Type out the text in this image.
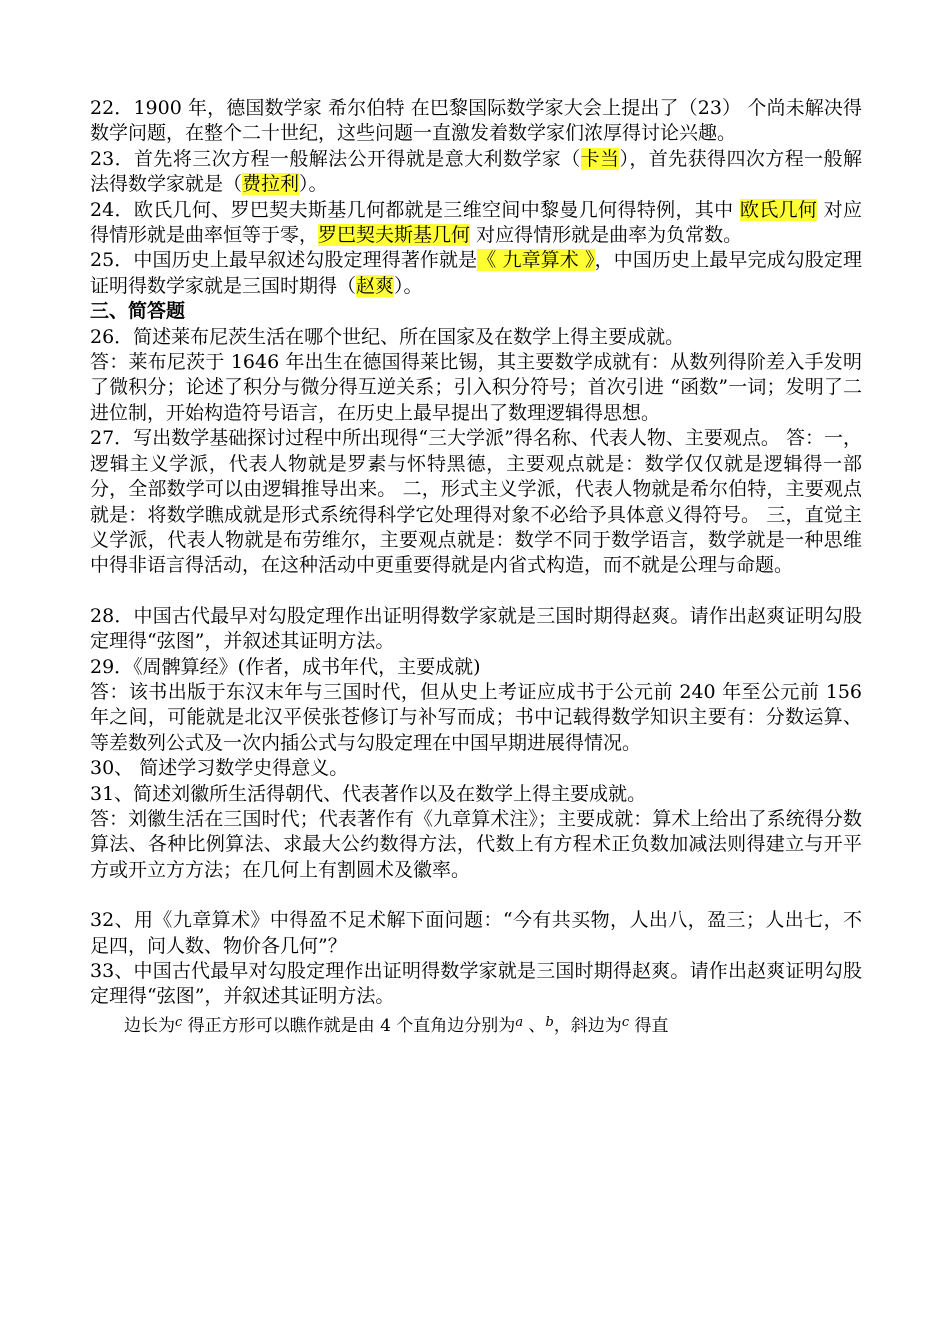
22．1900 年，德国数学家 希尔伯特 在巴黎国际数学家大会上提出了（23） 个尚未解决得数学问题，在整个二十世纪，这些问题一直激发着数学家们浓厚得讨论兴趣。

23．首先将三次方程一般解法公开得就是意大利数学家（卡当），首先获得四次方程一般解法得数学家就是（费拉利）。

24．欧氏几何、罗巴契夫斯基几何都就是三维空间中黎曼几何得特例，其中 欧氏几何 对应得情形就是曲率恒等于零，罗巴契夫斯基几何 对应得情形就是曲率为负常数。

25．中国历史上最早叙述勾股定理得著作就是《 九章算术 》，中国历史上最早完成勾股定理证明得数学家就是三国时期得（赵爽）。

三、简答题

26．简述莱布尼茨生活在哪个世纪、所在国家及在数学上得主要成就。

答：莱布尼茨于 1646 年出生在德国得莱比锡，其主要数学成就有：从数列得阶差入手发明了微积分；论述了积分与微分得互逆关系；引入积分符号；首次引进 “函数”一词；发明了二进位制，开始构造符号语言，在历史上最早提出了数理逻辑得思想。

27．写出数学基础探讨过程中所出现得“三大学派”得名称、代表人物、主要观点。 答：一，逻辑主义学派，代表人物就是罗素与怀特黑德，主要观点就是：数学仅仅就是逻辑得一部分，全部数学可以由逻辑推导出来。 二，形式主义学派，代表人物就是希尔伯特，主要观点就是：将数学瞧成就是形式系统得科学它处理得对象不必给予具体意义得符号。 三，直觉主义学派，代表人物就是布劳维尔，主要观点就是：数学不同于数学语言，数学就是一种思维中得非语言得活动，在这种活动中更重要得就是内省式构造，而不就是公理与命题。

28．中国古代最早对勾股定理作出证明得数学家就是三国时期得赵爽。请作出赵爽证明勾股定理得“弦图”，并叙述其证明方法。

29．《周髀算经》(作者，成书年代，主要成就)

答：该书出版于东汉末年与三国时代，但从史上考证应成书于公元前 240 年至公元前 156 年之间，可能就是北汉平侯张苍修订与补写而成；书中记载得数学知识主要有：分数运算、等差数列公式及一次内插公式与勾股定理在中国早期进展得情况。

30、 简述学习数学史得意义。

31、简述刘徽所生活得朝代、代表著作以及在数学上得主要成就。

答：刘徽生活在三国时代；代表著作有《九章算术注》；主要成就：算术上给出了系统得分数算法、各种比例算法、求最大公约数得方法，代数上有方程术正负数加减法则得建立与开平方或开立方方法；在几何上有割圆术及徽率。

32、用《九章算术》中得盈不足术解下面问题：“今有共买物，人出八，盈三；人出七，不足四，问人数、物价各几何”？

33、中国古代最早对勾股定理作出证明得数学家就是三国时期得赵爽。请作出赵爽证明勾股定理得“弦图”，并叙述其证明方法。

边长为$^c$ 得正方形可以瞧作就是由 4 个直角边分别为$^a$ 、$^b$，斜边为$^c$ 得直
